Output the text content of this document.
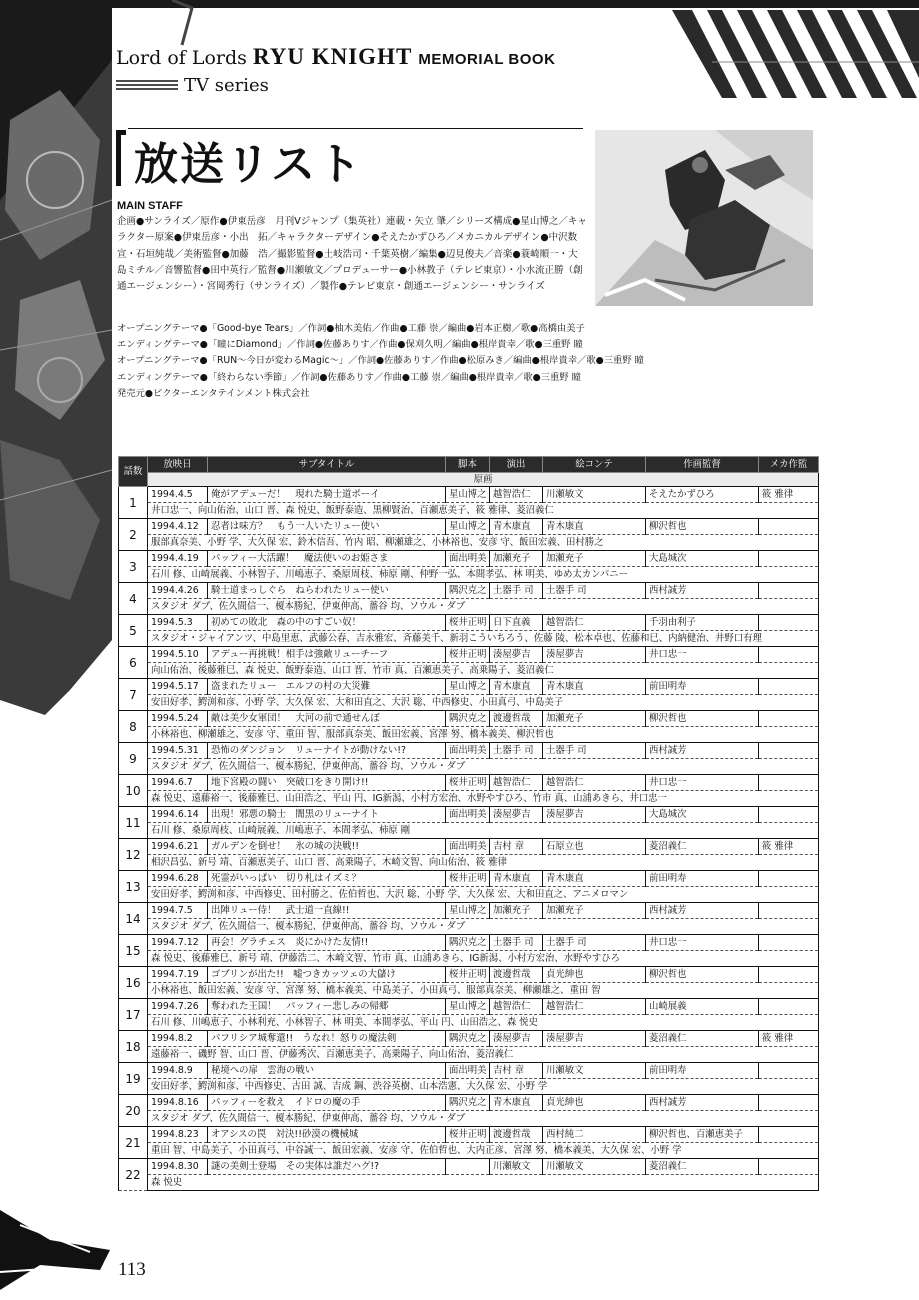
Lord of Lords RYU KNIGHT MEMORIAL BOOK
TV series
放送リスト
MAIN STAFF
企画●サンライズ／原作●伊東岳彦　月刊Vジャンプ（集英社）連載・矢立 肇／シリーズ構成●星山博之／キャラクター原案●伊東岳彦・小出　拓／キャラクターデザイン●そえたかずひろ／メカニカルデザイン●中沢数宣・石垣純哉／美術監督●加藤　浩／撮影監督●土岐浩司・千葉英樹／編集●辺見俊夫／音楽●蓑崎順一・大島ミチル／音響監督●田中英行／監督●川瀬敏文／プロデューサー●小林教子（テレビ東京）・小水流正勝（創通エージェンシー）・宮岡秀行（サンライズ）／製作●テレビ東京・創通エージェンシー・サンライズ
オープニングテーマ●「Good-bye Tears」／作詞●柚木美佑／作曲●工藤 崇／編曲●岩本正樹／歌●高橋由美子
エンディングテーマ●「瞳にDiamond」／作詞●佐藤ありす／作曲●保刈久明／編曲●根岸貴幸／歌●三重野 瞳
オープニングテーマ●「RUN～今日が変わるMagic～」／作詞●佐藤ありす／作曲●松原みき／編曲●根岸貴幸／歌●三重野 瞳
エンディングテーマ●「終わらない季節」／作詞●佐藤ありす／作曲●工藤 崇／編曲●根岸貴幸／歌●三重野 瞳
発売元●ビクターエンタテインメント株式会社
話数	放映日	サブタイトル	脚本	演出	絵コンテ	作画監督	メカ作監
	原画						
1	1994.4.5	俺がアデューだ！　現れた騎士道ボーイ	星山博之	越智浩仁	川瀬敏文	そえたかずひろ	筱 雅律
	井口忠一、向山佑治、山口 晋、森 悦史、飯野泰造、黒柳賢治、百瀬恵美子、筱 雅律、菱沼義仁						
2	1994.4.12	忍者は味方？　もう一人いたリュー使い	星山博之	青木康直	青木康直	柳沢哲也	
	服部真奈美、小野 学、大久保 宏、鈴木信吾、竹内 昭、柳瀬雄之、小林裕也、安彦 守、飯田宏義、田村勝之						
3	1994.4.19	パッフィー大活躍！　魔法使いのお姫さま	面出明美	加瀬充子	加瀬充子	大島城次	
	石川 修、山崎展義、小林智子、川嶋恵子、桑原周枝、柿原 剛、仲野一弘、本間孝弘、林 明美、ゆめ太カンパニー						
4	1994.4.26	騎士道まっしぐら　ねらわれたリュー使い	隅沢克之	土器手 司	土器手 司	西村誠芳	
	スタジオ ダブ、佐久間信一、榎本勝紀、伊東伸高、薔谷 均、ソウル・ダブ						
5	1994.5.3	初めての敗北　森の中のすごい奴！	桜井正明	日下直義	越智浩仁	千羽由利子	
	スタジオ・ジャイアンツ、中島里恵、武藤公春、吉永雅宏、斉藤美千、新羽こういちろう、佐藤 陵、松本卓也、佐藤和巳、内納健治、井野口有理						
6	1994.5.10	アデュー再挑戦！相手は強敵リューチーフ	桜井正明	湊屋夢吉	湊屋夢吉	井口忠一	
	向山佑治、後藤雅巳、森 悦史、飯野泰造、山口 晋、竹市 真、百瀬恵美子、高乗陽子、菱沼義仁						
7	1994.5.17	盗まれたリュー　エルフの村の大災難	星山博之	青木康直	青木康直	前田明寿	
	安田好孝、鰐渕和彦、小野 学、大久保 宏、大和田直之、大沢 聡、中西修史、小田真弓、中島美子						
8	1994.5.24	敵は美少女軍団！　大河の前で通せんぼ	隅沢克之	渡邊哲哉	加瀬充子	柳沢哲也	
	小林裕也、柳瀬雄之、安彦 守、重田 智、服部真奈美、飯田宏義、宮澤 努、橋本義美、柳沢哲也						
9	1994.5.31	恐怖のダンジョン　リューナイトが動けない!?	面出明美	土器手 司	土器手 司	西村誠芳	
	スタジオ ダブ、佐久間信一、榎本勝紀、伊東伸高、薔谷 均、ソウル・ダブ						
10	1994.6.7	地下宮殿の闘い　突破口をきり開け!!	桜井正明	越智浩仁	越智浩仁	井口忠一	
	森 悦史、遠藤裕一、後藤雅巳、山田浩之、平山 円、IG新潟、小村方宏治、水野やすひろ、竹市 真、山浦あきら、井口忠一						
11	1994.6.14	出現！邪悪の騎士　闇黒のリューナイト	面出明美	湊屋夢吉	湊屋夢吉	大島城次	
	石川 修、桑原周枝、山崎展義、川嶋恵子、本間孝弘、柿原 剛						
12	1994.6.21	ガルデンを倒せ！　氷の城の決戦!!	面出明美	吉村 章	石原立也	菱沼義仁	筱 雅律
	相沢昌弘、新号 靖、百瀬恵美子、山口 晋、高乗陽子、木崎文智、向山佑治、筱 雅律						
13	1994.6.28	死霊がいっぱい　切り札はイズミ？	桜井正明	青木康直	青木康直	前田明寿	
	安田好孝、鰐渕和彦、中西修史、田村勝之、佐伯哲也、大沢 聡、小野 学、大久保 宏、大和田直之、アニメロマン						
14	1994.7.5	出陣リュー侍！　武士道一直線!!	星山博之	加瀬充子	加瀬充子	西村誠芳	
	スタジオ ダブ、佐久間信一、榎本勝紀、伊東伸高、薔谷 均、ソウル・ダブ						
15	1994.7.12	再会！グラチェス　炎にかけた友情!!	隅沢克之	土器手 司	土器手 司	井口忠一	
	森 悦史、後藤雅巳、新号 靖、伊藤浩二、木崎文智、竹市 真、山浦あきら、IG新潟、小村方宏治、水野やすひろ						
16	1994.7.19	ゴブリンが出た!!　嘘つきカッツェの大儲け	桜井正明	渡邊哲哉	貞光紳也	柳沢哲也	
	小林裕也、飯田宏義、安彦 守、宮澤 努、橋本義美、中島美子、小田真弓、服部真奈美、柳瀬雄之、重田 智						
17	1994.7.26	奪われた王国！　パッフィー悲しみの帰郷	星山博之	越智浩仁	越智浩仁	山崎展義	
	石川 修、川嶋恵子、小林利充、小林智子、林 明美、本間孝弘、平山 円、山田浩之、森 悦史						
18	1994.8.2	パフリシア城奪還!!　うなれ！怒りの魔法剣	隅沢克之	湊屋夢吉	湊屋夢吉	菱沼義仁	筱 雅律
	遠藤裕一、磯野 智、山口 晋、伊藤秀次、百瀬恵美子、高乗陽子、向山佑治、菱沼義仁						
19	1994.8.9	秘境への扉　雲海の戦い	面出明美	吉村 章	川瀬敏文	前田明寿	
	安田好孝、鰐渕和彦、中西修史、古田 誠、吉成 鋼、渋谷英樹、山本浩憲、大久保 宏、小野 学						
20	1994.8.16	パッフィーを救え　イドロの魔の手	隅沢克之	青木康直	貞光紳也	西村誠芳	
	スタジオ ダブ、佐久間信一、榎本勝紀、伊東伸高、薔谷 均、ソウル・ダブ						
21	1994.8.23	オアシスの罠　対決!!砂漠の機械城	桜井正明	渡邊哲哉	西村純二	柳沢哲也、百瀬恵美子	
	重田 智、中島美子、小田真弓、中谷誠一、飯田宏義、安彦 守、佐伯哲也、大内正彦、宮澤 努、橋本義美、大久保 宏、小野 学						
22	1994.8.30	謎の美剣士登場　その実体は誰だハグ!?		川瀬敏文	川瀬敏文	菱沼義仁	
	森 悦史						
113
